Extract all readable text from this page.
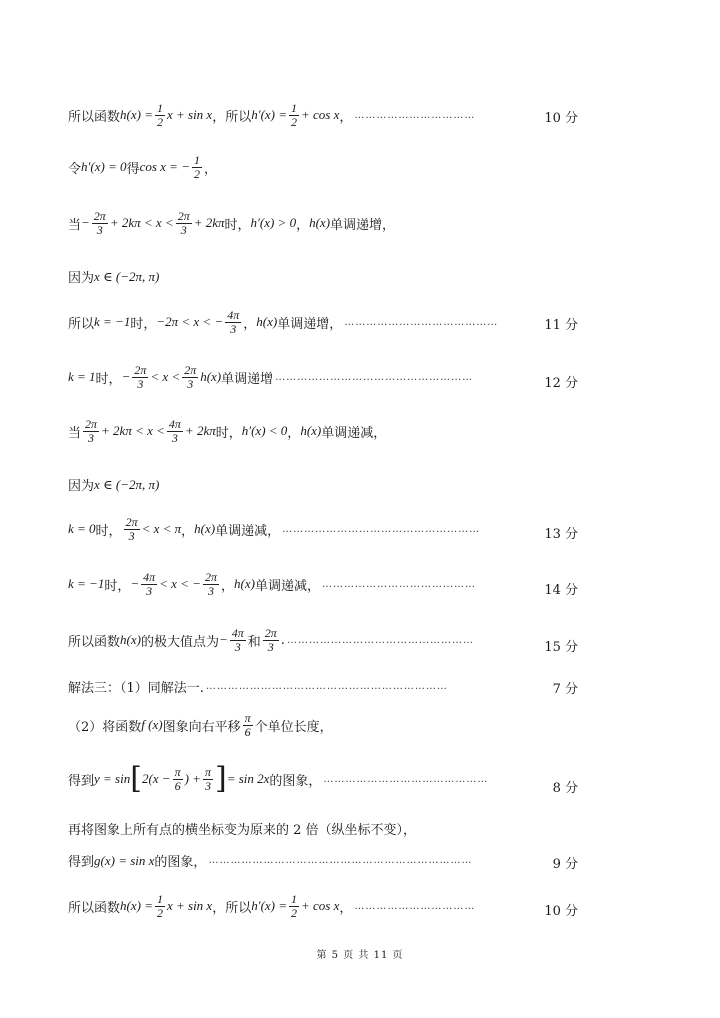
所以函数 $h(x) = \frac{1}{2}$ x + sin x ，所以 $h'(x) = \frac{1}{2} + \cos x$ ， ……………………………	10 分
令 h′(x) = 0 得 cos x = − $\frac{1}{2}$ ，
当 − $\frac{2\pi}{3} + 2k\pi < x < \frac{2\pi}{3} + 2k\pi$ 时， h′(x) > 0 ， h(x) 单调递增，
因为 x ∈ (−2π, π)
所以 k = −1 时， −2π < x < − $\frac{4\pi}{3}$ ， h(x) 单调递增， ……………………………………	11 分
k = 1 时， − $\frac{2\pi}{3} < x < \frac{2\pi}{3} h(x)$ 单调递增 ………………………………………………	12 分
当 $\frac{2\pi}{3} + 2k\pi < x < \frac{4\pi}{3} + 2k\pi$ 时， h′(x) < 0 ， h(x) 单调递减，
因为 x ∈ (−2π, π)
k = 0 时， $\frac{2\pi}{3} < x < \pi$ ， h(x) 单调递减， ………………………………………………	13 分
k = −1 时， − $\frac{4\pi}{3} < x$ < − $\frac{2\pi}{3}$ ， h(x) 单调递减， ……………………………………	14 分
所以函数 h(x) 的极大值点为 − $\frac{4\pi}{3}$ 和 $\frac{2\pi}{3}$ . ……………………………………………	15 分
解法三：（1）同解法一. …………………………………………………………	7 分
（2）将函数 f (x) 图象向右平移 $\frac{\pi}{6}$ 个单位长度，
得到 y = sin [ $2(x - \frac{\pi}{6}$ ) + $\frac{\pi}{3}$ ] = sin 2x 的图象， ………………………………………
8 分
再将图象上所有点的横坐标变为原来的 2 倍（纵坐标不变），
得到 g(x) = sin x 的图象， ………………………………………………………………	9 分
所以函数 $h(x) = \frac{1}{2}$ x + sin x ，所以 $h'(x) = \frac{1}{2} + \cos x$ ， ……………………………	10 分
第 5 页 共 11 页
